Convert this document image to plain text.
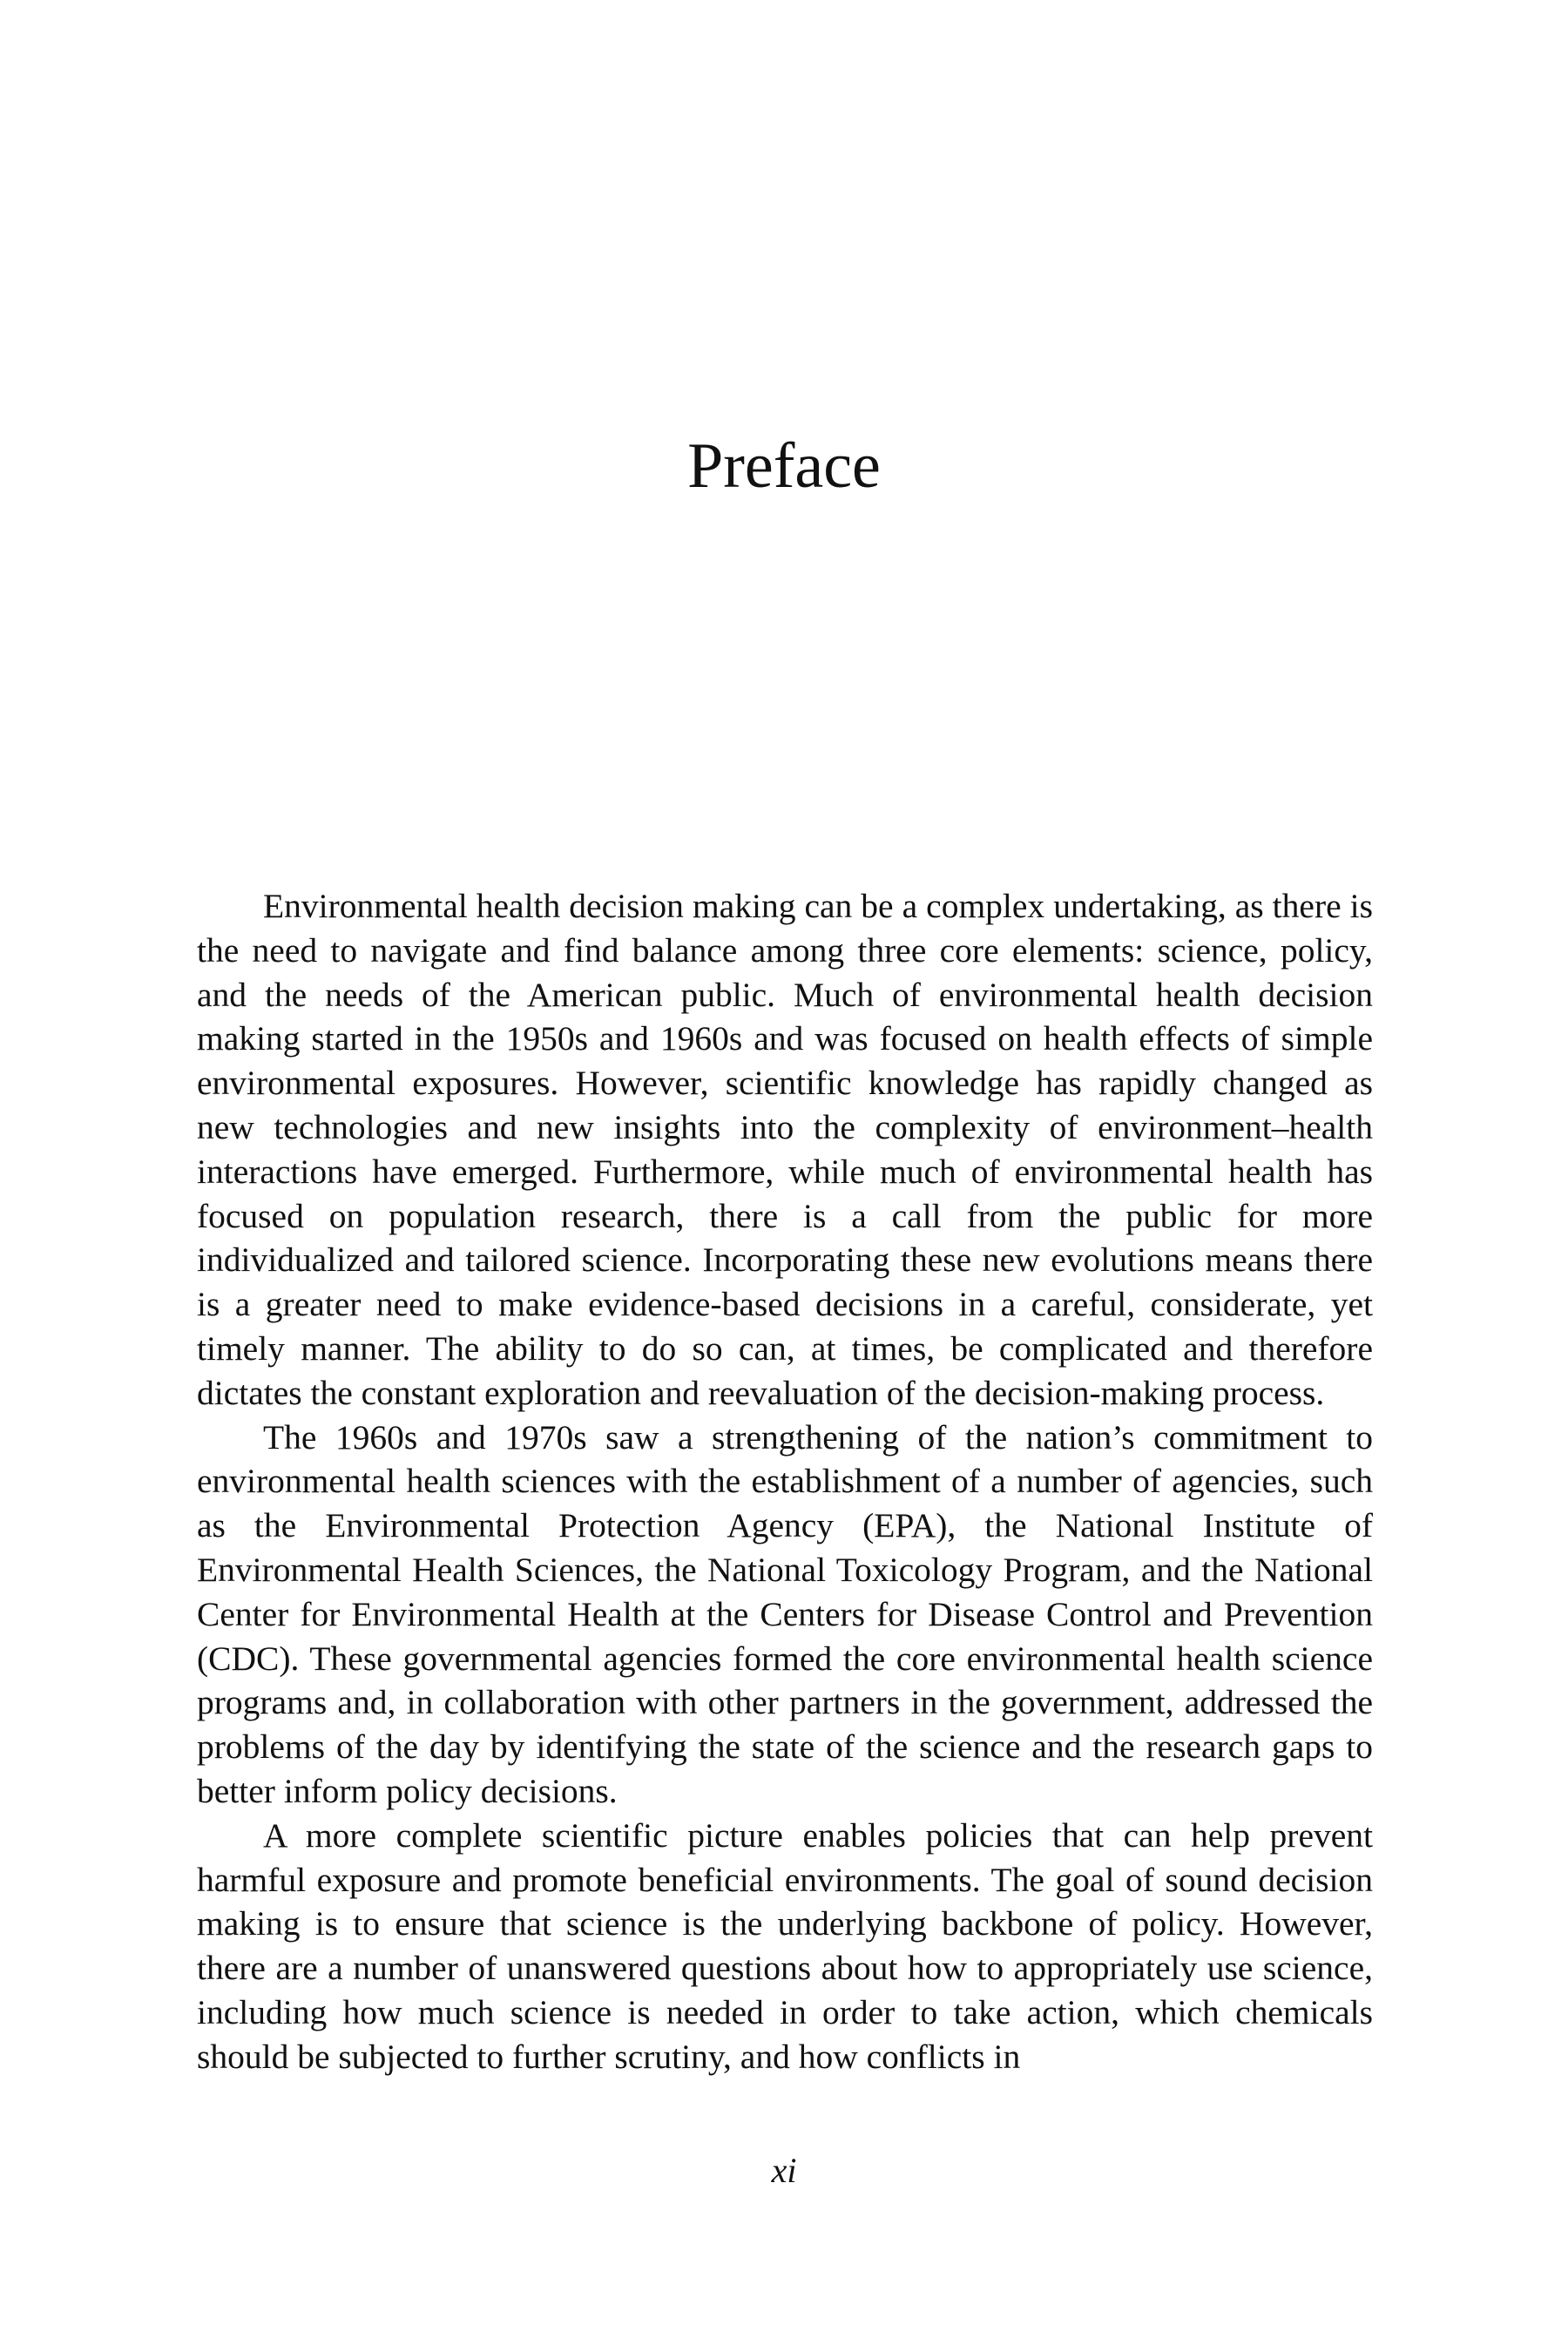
Preface

Environmental health decision making can be a complex undertaking, as there is the need to navigate and find balance among three core elements: science, policy, and the needs of the American public. Much of environmental health decision making started in the 1950s and 1960s and was focused on health effects of simple environmental exposures. However, scientific knowledge has rapidly changed as new technologies and new insights into the complexity of environment–health interactions have emerged. Furthermore, while much of environmental health has focused on population research, there is a call from the public for more individualized and tailored science. Incorporating these new evolutions means there is a greater need to make evidence-based decisions in a careful, considerate, yet timely manner. The ability to do so can, at times, be complicated and therefore dictates the constant exploration and reevaluation of the decision-making process.

The 1960s and 1970s saw a strengthening of the nation’s commitment to environmental health sciences with the establishment of a number of agencies, such as the Environmental Protection Agency (EPA), the National Institute of Environmental Health Sciences, the National Toxicology Program, and the National Center for Environmental Health at the Centers for Disease Control and Prevention (CDC). These governmental agencies formed the core environmental health science programs and, in collaboration with other partners in the government, addressed the problems of the day by identifying the state of the science and the research gaps to better inform policy decisions.

A more complete scientific picture enables policies that can help prevent harmful exposure and promote beneficial environments. The goal of sound decision making is to ensure that science is the underlying backbone of policy. However, there are a number of unanswered questions about how to appropriately use science, including how much science is needed in order to take action, which chemicals should be subjected to further scrutiny, and how conflicts in

xi
